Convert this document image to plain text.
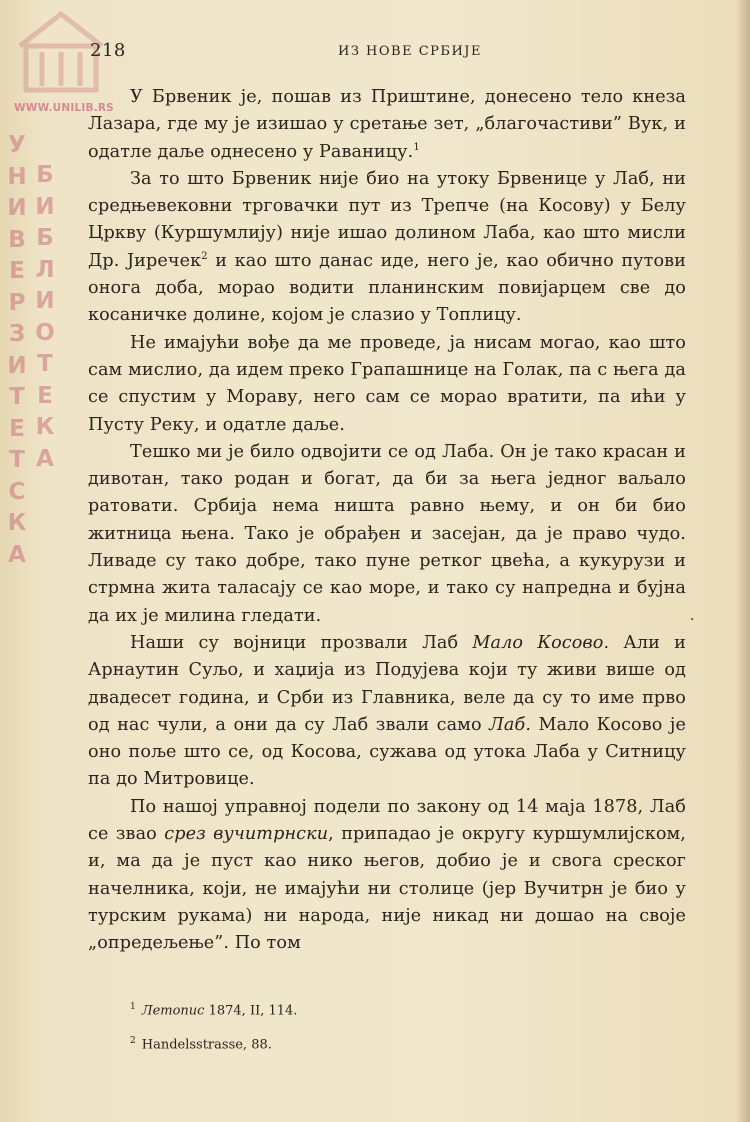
WWW.UNILIB.RS
У
Н
И
В
Е
Р
З
И
Т
Е
Т
С
К
А
Б
И
Б
Л
И
О
Т
Е
К
А
218	ИЗ НОВЕ СРБИЈЕ

У Брвеник је, пошав из Приштине, донесено тело кнеза Лазара, где му је изишао у сретање зет, „благочастиви” Вук, и одатле даље однесено у Раваницу.$^1$

За то што Брвеник није био на утоку Брвенице у Лаб, ни средњевековни трговачки пут из Трепче (на Косову) у Белу Цркву (Куршумлију) није ишао долином Лаба, као што мисли Др. Јиречек$^2$ и као што данас иде, него је, као обично путови онога доба, морао водити планинским повијарцем све до косаничке долине, којом је слазио у Топлицу.

Не имајући вође да ме проведе, ја нисам могао, као што сам мислио, да идем преко Грапашнице на Голак, па с њега да се спустим у Мораву, него сам се морао вратити, па ићи у Пусту Реку, и одатле даље.

Тешко ми је било одвојити се од Лаба. Он је тако красан и дивотан, тако родан и богат, да би за њега једног ваљало ратовати. Србија нема ништа равно њему, и он би био житница њена. Тако је обрађен и засејан, да је право чудо. Ливаде су тако добре, тако пуне ретког цвећа, а кукурузи и стрмна жита таласају се као море, и тако су напредна и бујна да их је милина гледати.

Наши су војници прозвали Лаб Мало Косово. Али и Арнаутин Суљо, и хаџија из Подујева који ту живи више од двадесет година, и Срби из Главника, веле да су то име прво од нас чули, а они да су Лаб звали само Лаб. Мало Косово је оно поље што се, од Косова, сужава од утока Лаба у Ситницу па до Митровице.

По нашој управној подели по закону од 14 маја 1878, Лаб се звао срез вучитрнски, припадао је округу куршумлијском, и, ма да је пуст као нико његов, добио је и свога среског начелника, који, не имајући ни столице (јер Вучитрн је био у турским рукама) ни народа, није никад ни дошао на своје „опредељење”. По том

·
$^1$ Летопис 1874, II, 114.
$^2$ Handelsstrasse, 88.
